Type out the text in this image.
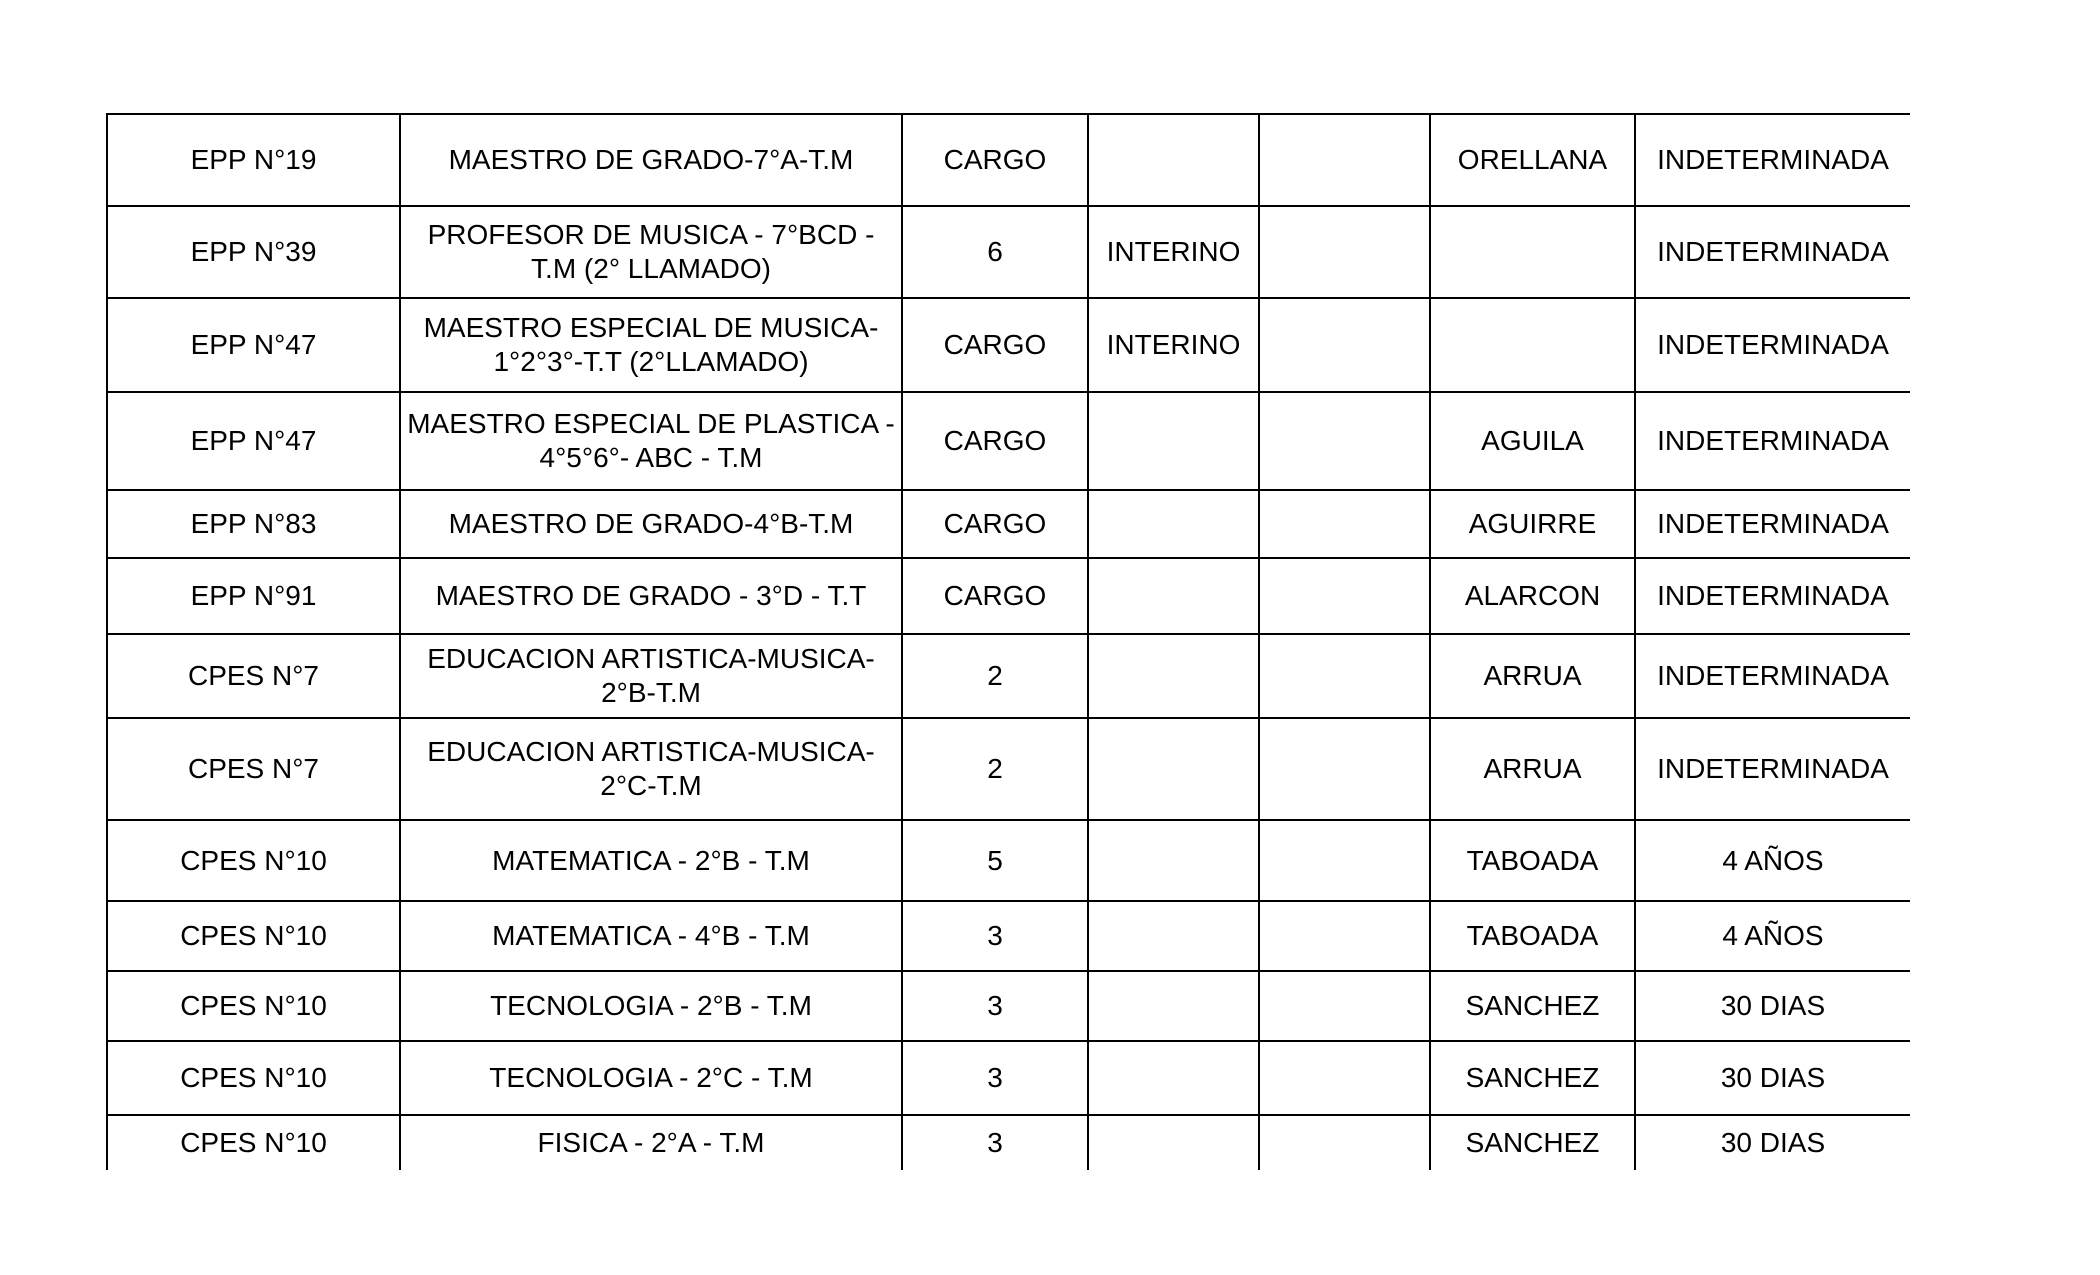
EPP N°19	MAESTRO DE GRADO-7°A-T.M	CARGO			ORELLANA	INDETERMINADA
EPP N°39	PROFESOR DE MUSICA - 7°BCD - T.M (2° LLAMADO)	6	INTERINO			INDETERMINADA
EPP N°47	MAESTRO ESPECIAL DE MUSICA- 1°2°3°-T.T (2°LLAMADO)	CARGO	INTERINO			INDETERMINADA
EPP N°47	MAESTRO ESPECIAL DE PLASTICA - 4°5°6°- ABC - T.M	CARGO			AGUILA	INDETERMINADA
EPP N°83	MAESTRO DE GRADO-4°B-T.M	CARGO			AGUIRRE	INDETERMINADA
EPP N°91	MAESTRO DE GRADO - 3°D - T.T	CARGO			ALARCON	INDETERMINADA
CPES N°7	EDUCACION ARTISTICA-MUSICA-2°B-T.M	2			ARRUA	INDETERMINADA
CPES N°7	EDUCACION ARTISTICA-MUSICA-2°C-T.M	2			ARRUA	INDETERMINADA
CPES N°10	MATEMATICA - 2°B - T.M	5			TABOADA	4 AÑOS
CPES N°10	MATEMATICA - 4°B - T.M	3			TABOADA	4 AÑOS
CPES N°10	TECNOLOGIA - 2°B - T.M	3			SANCHEZ	30 DIAS
CPES N°10	TECNOLOGIA - 2°C - T.M	3			SANCHEZ	30 DIAS
CPES N°10	FISICA - 2°A - T.M	3			SANCHEZ	30 DIAS
